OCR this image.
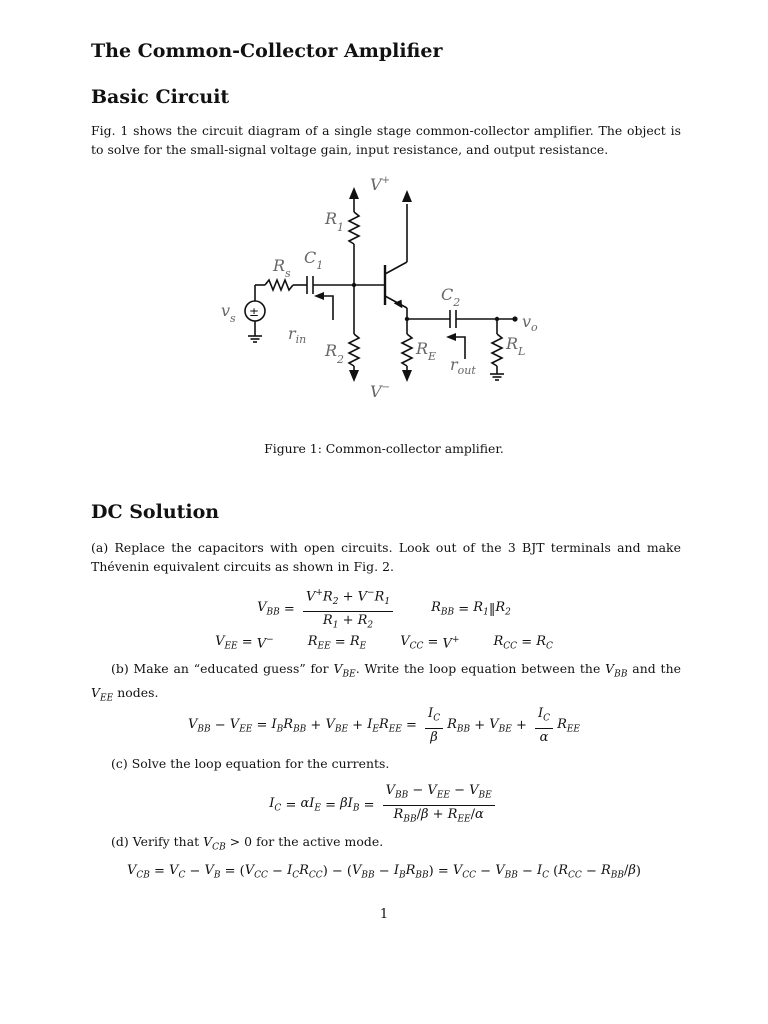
The Common-Collector Amplifier
Basic Circuit

Fig. 1 shows the circuit diagram of a single stage common-collector amplifier. The object is to solve for the small-signal voltage gain, input resistance, and output resistance.

±
V+
V−
$R_1$
$R_2$
$R_s$
$C_1$
$C_2$
$v_s$
$r_{in}$	$R_E$ $r_{out}$
$R_L$
$v_o$

Figure 1: Common-collector amplifier.

DC Solution

(a) Replace the capacitors with open circuits. Look out of the 3 BJT terminals and make Thévenin equivalent circuits as shown in Fig. 2.

$V_{BB} = \frac{V^+R_2 + V^-R_1}{R_1 + R_2}$	$R_{BB} = R_1$ ‖ $R_2$
$V_{EE} = V^-$	$R_{EE} = R_E$	$V_{CC} = V^+$	$R_{CC} = R_C$

(b) Make an “educated guess” for $V_{BE}$. Write the loop equation between the $V_{BB}$ and the $V_{EE}$ nodes.

$V_{BB} - V_{EE} = I_BR_{BB} + V_{BE} + I_ER_{EE} = \frac{I_C}{\beta} R_{BB} + V_{BE} + \frac{I_C}{\alpha} R_{EE}$

(c) Solve the loop equation for the currents.

$I_C = \alpha I_E = \beta I_B = \frac{V_{BB} - V_{EE} - V_{BE}}{R_{BB}/\beta + R_{EE}/\alpha}$

(d) Verify that $V_{CB} > 0$ for the active mode.

$V_{CB} = V_C - V_B$ = ( $V_{CC} - I_CR_{CC}$ ) − ( $V_{BB} - I_BR_{BB}$ ) = $V_{CC} - V_{BB} - I_C$ ( $R_{CC} - R_{BB}/\beta$ )

1
